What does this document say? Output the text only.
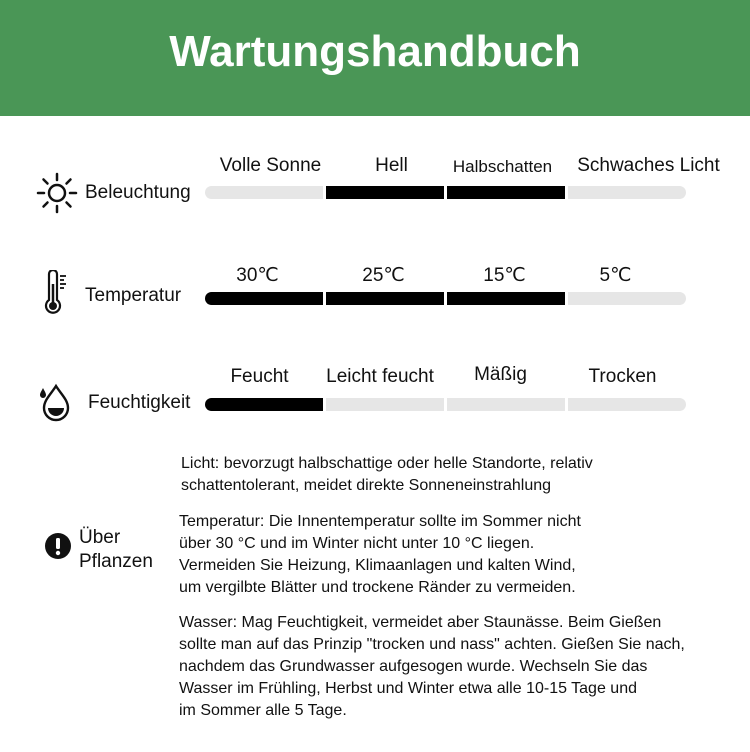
Wartungshandbuch
Beleuchtung
Volle Sonne	Hell	Halbschatten	Schwaches Licht
Temperatur
30℃	25℃	15℃	5℃
Feuchtigkeit
Feucht	Leicht feucht	Mäßig	Trocken
Über
Pflanzen
Licht: bevorzugt halbschattige oder helle Standorte, relativ
schattentolerant, meidet direkte Sonneneinstrahlung
Temperatur: Die Innentemperatur sollte im Sommer nicht
über 30 °C und im Winter nicht unter 10 °C liegen.
Vermeiden Sie Heizung, Klimaanlagen und kalten Wind,
um vergilbte Blätter und trockene Ränder zu vermeiden.
Wasser: Mag Feuchtigkeit, vermeidet aber Staunässe. Beim Gießen
sollte man auf das Prinzip "trocken und nass" achten. Gießen Sie nach,
nachdem das Grundwasser aufgesogen wurde. Wechseln Sie das
Wasser im Frühling, Herbst und Winter etwa alle 10-15 Tage und
im Sommer alle 5 Tage.
